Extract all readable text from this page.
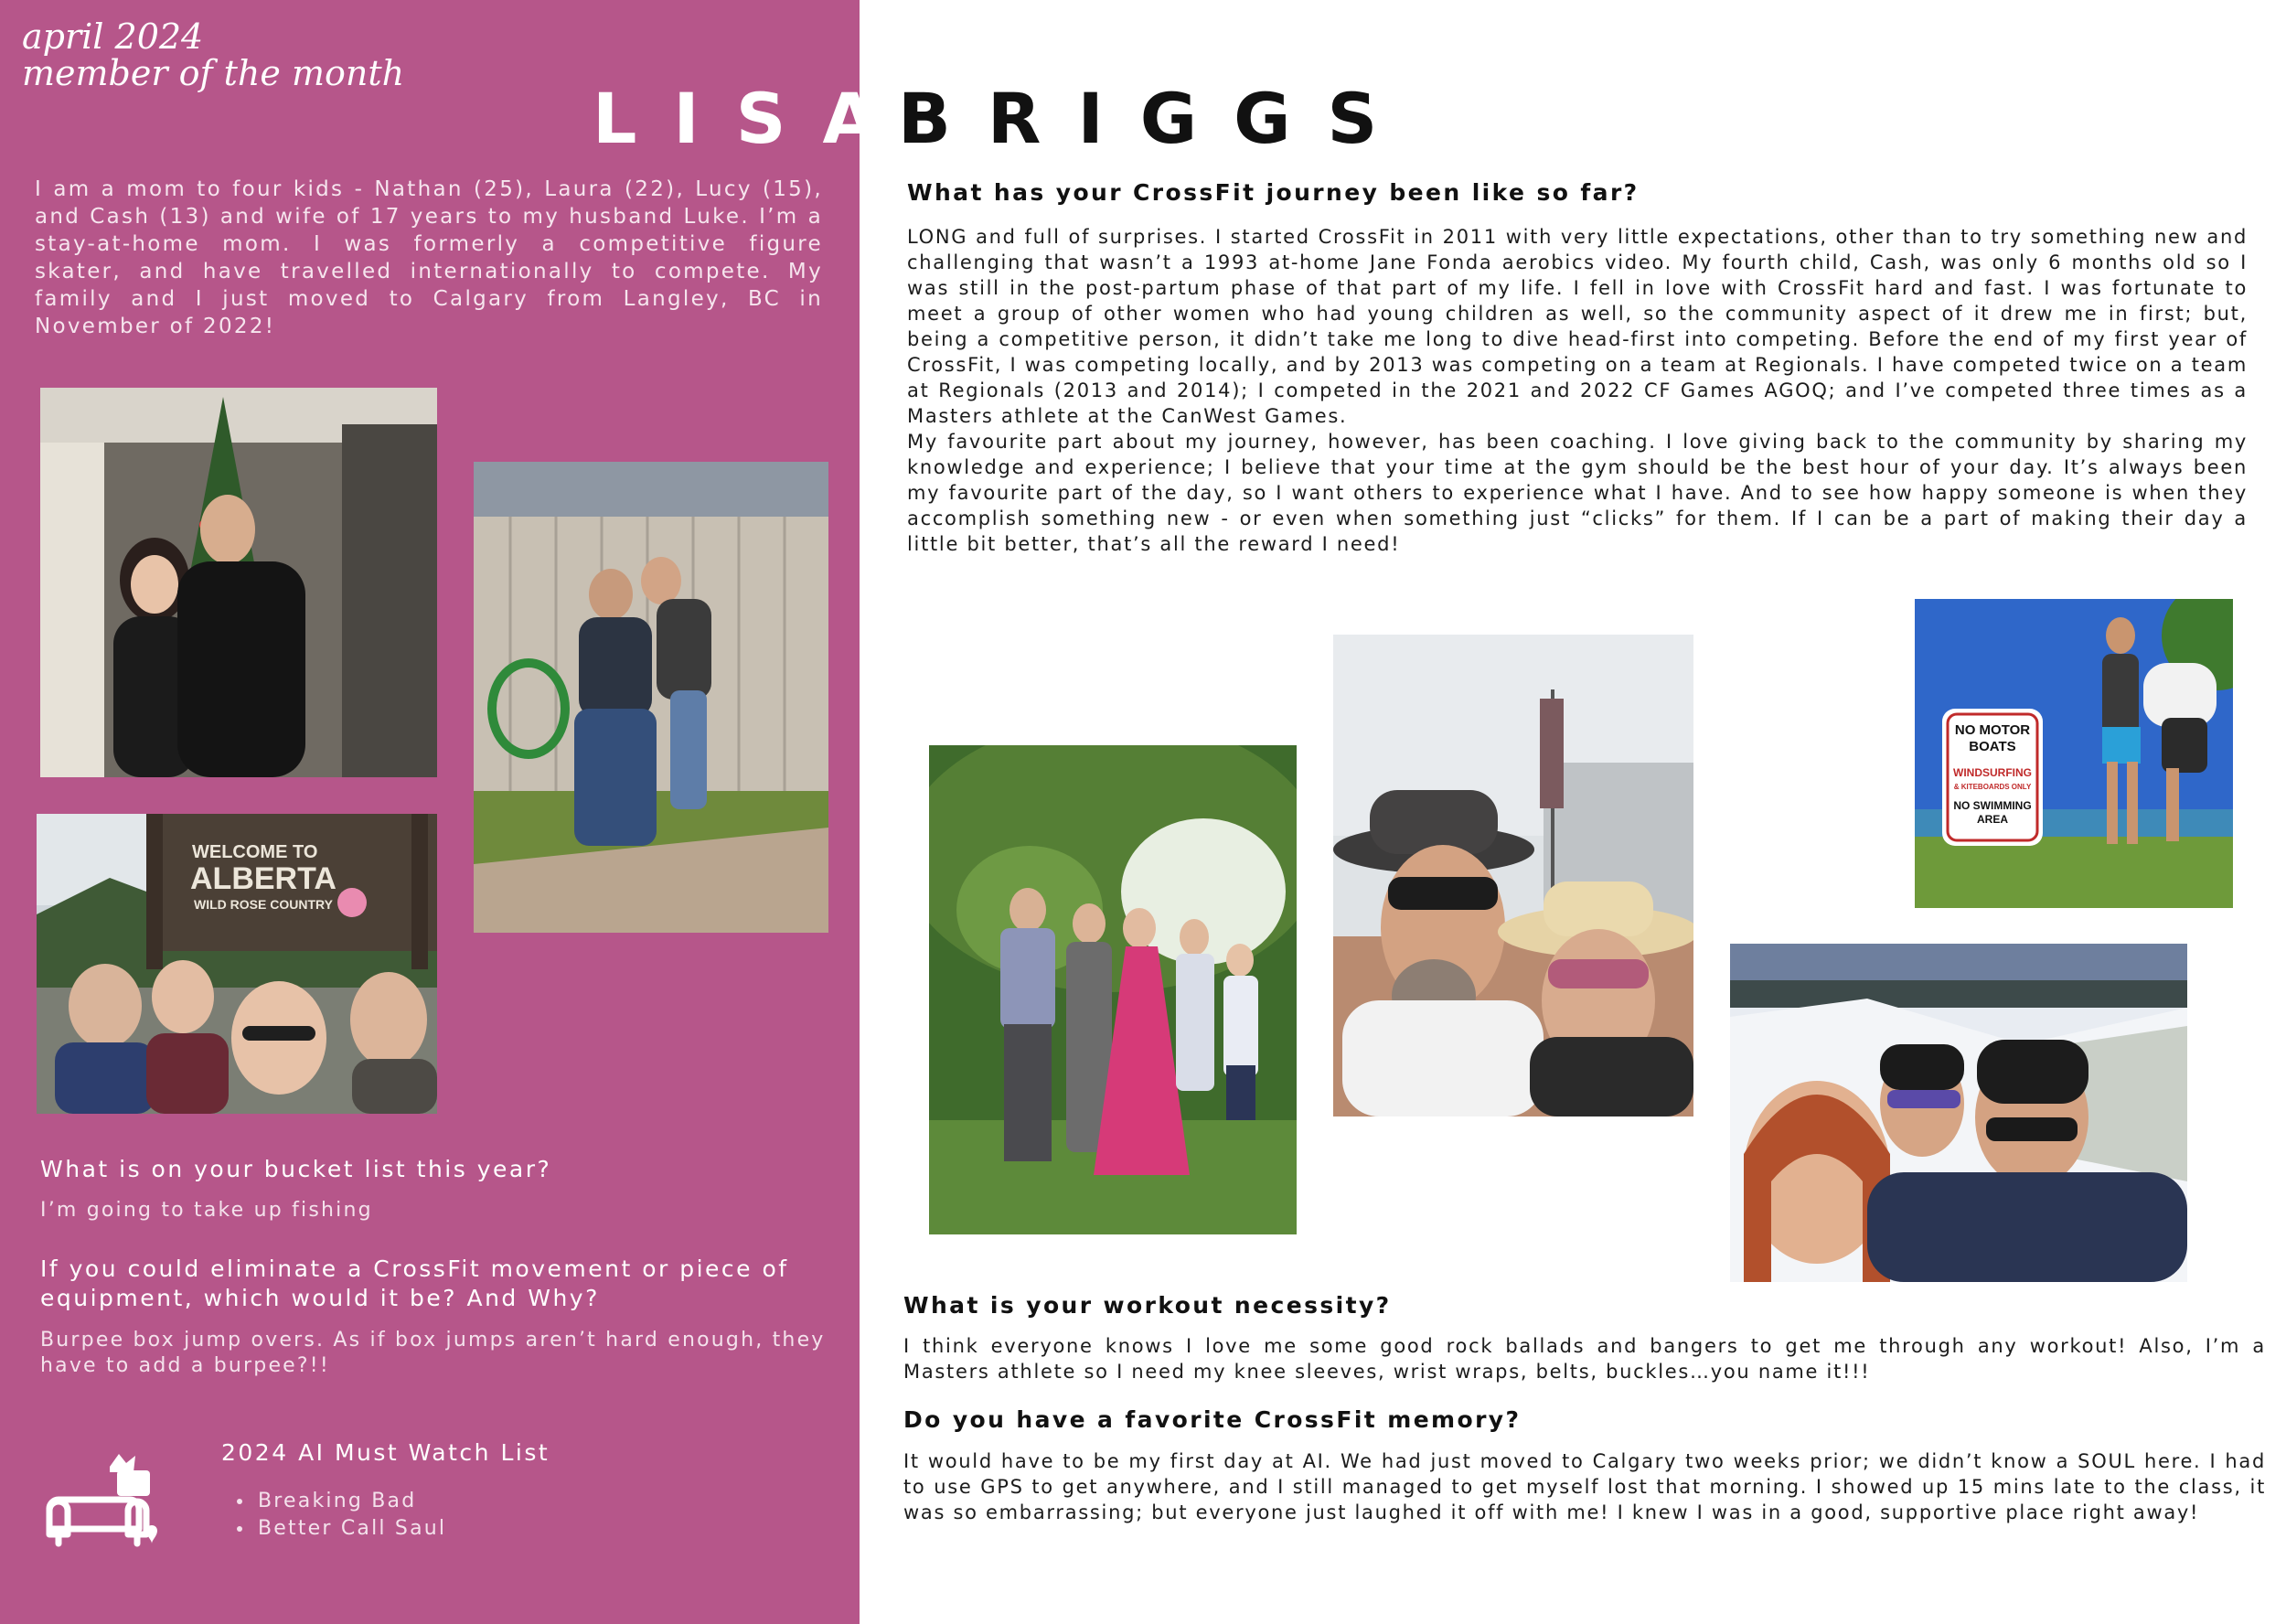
april 2024
member of the month
LISA
BRIGGS
I am a mom to four kids - Nathan (25), Laura (22), Lucy (15), and Cash (13) and wife of 17 years to my husband Luke. I’m a stay-at-home mom. I was formerly a competitive figure skater, and have travelled internationally to compete. My family and I just moved to Calgary from Langley, BC in November of 2022!
WELCOME TO
ALBERTA
WILD ROSE COUNTRY
What is on your bucket list this year?
I’m going to take up fishing
If you could eliminate a CrossFit movement or piece of equipment, which would it be? And Why?
Burpee box jump overs. As if box jumps aren’t hard enough, they have to add a burpee?!!
2024 AI Must Watch List
• Breaking Bad
• Better Call Saul
What has your CrossFit journey been like so far?

LONG and full of surprises. I started CrossFit in 2011 with very little expectations, other than to try something new and challenging that wasn’t a 1993 at-home Jane Fonda aerobics video. My fourth child, Cash, was only 6 months old so I was still in the post-partum phase of that part of my life. I fell in love with CrossFit hard and fast. I was fortunate to meet a group of other women who had young children as well, so the community aspect of it drew me in first; but, being a competitive person, it didn’t take me long to dive head-first into competing. Before the end of my first year of CrossFit, I was competing locally, and by 2013 was competing on a team at Regionals. I have competed twice on a team at Regionals (2013 and 2014); I competed in the 2021 and 2022 CF Games AGOQ; and I’ve competed three times as a Masters athlete at the CanWest Games.

My favourite part about my journey, however, has been coaching. I love giving back to the community by sharing my knowledge and experience; I believe that your time at the gym should be the best hour of your day. It’s always been my favourite part of the day, so I want others to experience what I have. And to see how happy someone is when they accomplish something new - or even when something just “clicks” for them. If I can be a part of making their day a little bit better, that’s all the reward I need!

NO MOTOR
BOATS
WINDSURFING
& KITEBOARDS ONLY
NO SWIMMING
AREA
What is your workout necessity?
I think everyone knows I love me some good rock ballads and bangers to get me through any workout! Also, I’m a Masters athlete so I need my knee sleeves, wrist wraps, belts, buckles…you name it!!!
Do you have a favorite CrossFit memory?
It would have to be my first day at AI. We had just moved to Calgary two weeks prior; we didn’t know a SOUL here. I had to use GPS to get anywhere, and I still managed to get myself lost that morning. I showed up 15 mins late to the class, it was so embarrassing; but everyone just laughed it off with me! I knew I was in a good, supportive place right away!
